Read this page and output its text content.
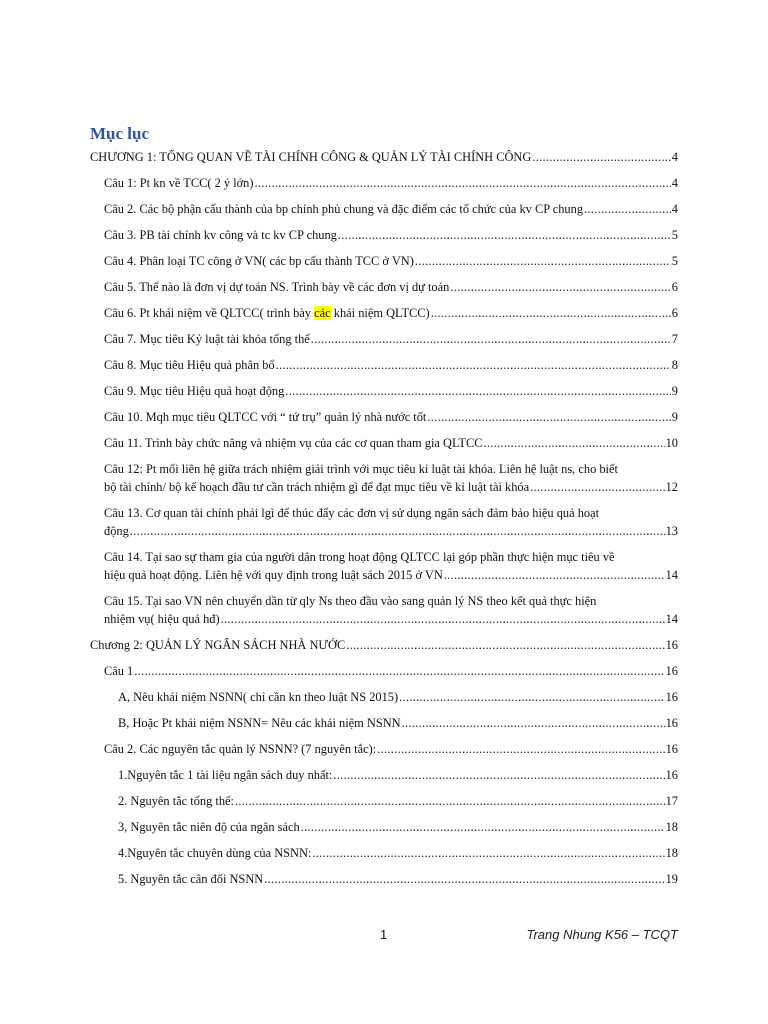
Mục lục
CHƯƠNG 1: TỔNG QUAN VỀ TÀI CHÍNH CÔNG & QUẢN LÝ TÀI CHÍNH CÔNG .....	4
Câu 1: Pt kn về TCC( 2 ý lớn) .....	4
Câu 2. Các bộ phận cấu thành của bp chính phủ chung và đặc điểm các tổ chức của kv CP chung .....	4
Câu 3. PB tài chính kv công và tc kv CP chung .....	5
Câu 4. Phân loại TC công ở VN( các bp cấu thành TCC ở VN) .....	5
Câu 5. Thế nào là đơn vị dự toán NS. Trình bày về các đơn vị dự toán .....	6
Câu 6. Pt khái niệm về QLTCC( trình bày các khái niệm QLTCC) .....	6
Câu 7. Mục tiêu Kỷ luật tài khóa tổng thể .....	7
Câu 8. Mục tiêu Hiệu quả phân bổ .....	8
Câu 9. Mục tiêu Hiệu quả hoạt động .....	9
Câu 10. Mqh mục tiêu QLTCC với “ tứ trụ” quản lý nhà nước tốt .....	9
Câu 11. Trình bày chức năng và nhiệm vụ của các cơ quan tham gia QLTCC .....	10
Câu 12: Pt mối liên hệ giữa trách nhiệm giải trình với mục tiêu kỉ luật tài khóa. Liên hệ luật ns, cho biết
bộ tài chính/ bộ kế hoạch đầu tư cần trách nhiệm gì để đạt mục tiêu về kỉ luật tài khóa .....	12
Câu 13. Cơ quan tài chính phải lgì để thúc đẩy các đơn vị sử dụng ngân sách đảm bảo hiệu quả hoạt
động .....	13
Câu 14. Tại sao sự tham gia của người dân trong hoạt động QLTCC lại góp phần thực hiện mục tiêu về
hiệu quả hoạt động. Liên hệ với quy định trong luật sách 2015 ở VN .....	14
Câu 15. Tại sao VN nên chuyển dần từ qly Ns theo đầu vào sang quản lý NS theo kết quả thực hiện
nhiệm vụ( hiệu quả hđ) .....	14
Chương 2: QUẢN LÝ NGÂN SÁCH NHÀ NƯỚC .....	16
Câu 1 .....	16
A, Nêu khái niệm NSNN( chỉ cần kn theo luật NS 2015) .....	16
B, Hoặc Pt khái niệm NSNN= Nêu các khái niệm NSNN .....	16
Câu 2. Các nguyên tắc quản lý NSNN? (7 nguyên tắc): .....	16
1.Nguyên tắc 1 tài liệu ngân sách duy nhất: .....	16
2. Nguyên tắc tổng thể: .....	17
3, Nguyên tắc niên độ của ngân sách .....	18
4.Nguyên tắc chuyên dùng của NSNN: .....	18
5. Nguyên tắc cân đối NSNN .....	19
1	Trang Nhung K56 – TCQT
